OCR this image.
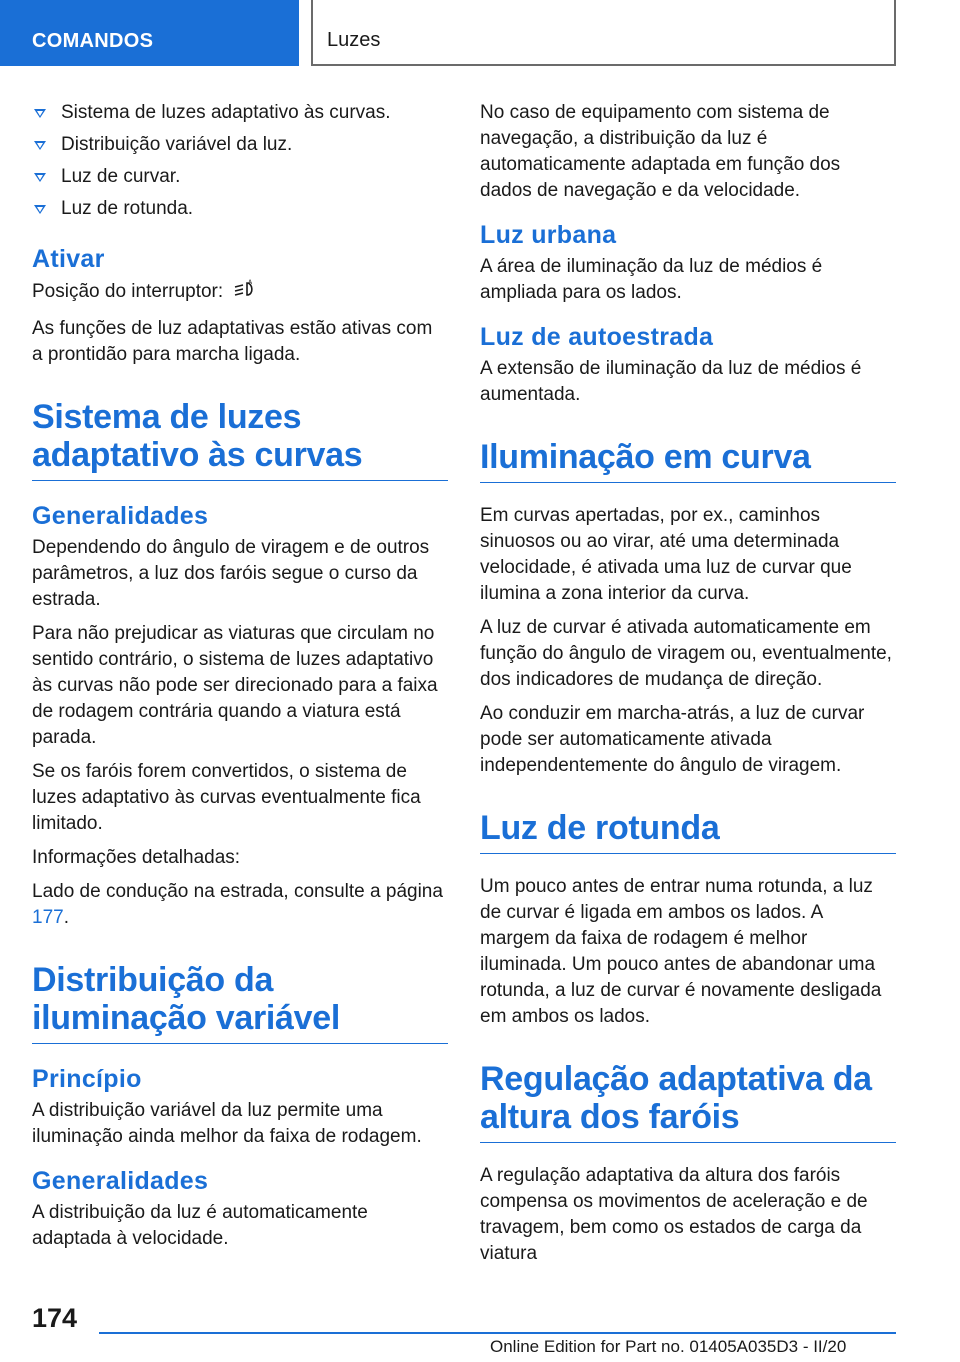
COMANDOS	Luzes
Sistema de luzes adaptativo às curvas.
Distribuição variável da luz.
Luz de curvar.
Luz de rotunda.
Ativar

Posição do interruptor:	A

As funções de luz adaptativas estão ativas com a prontidão para marcha ligada.

Sistema de luzes adaptativo às curvas
Generalidades

Dependendo do ângulo de viragem e de outros parâmetros, a luz dos faróis segue o curso da estrada.

Para não prejudicar as viaturas que circulam no sentido contrário, o sistema de luzes adaptativo às curvas não pode ser direcionado para a faixa de rodagem contrária quando a viatura está parada.

Se os faróis forem convertidos, o sistema de luzes adaptativo às curvas eventualmente fica limitado.

Informações detalhadas:

Lado de condução na estrada, consulte a página 177.

Distribuição da iluminação variável
Princípio

A distribuição variável da luz permite uma iluminação ainda melhor da faixa de rodagem.

Generalidades

A distribuição da luz é automaticamente adaptada à velocidade.

No caso de equipamento com sistema de navegação, a distribuição da luz é automaticamente adaptada em função dos dados de navegação e da velocidade.

Luz urbana

A área de iluminação da luz de médios é ampliada para os lados.

Luz de autoestrada

A extensão de iluminação da luz de médios é aumentada.

Iluminação em curva

Em curvas apertadas, por ex., caminhos sinuosos ou ao virar, até uma determinada velocidade, é ativada uma luz de curvar que ilumina a zona interior da curva.

A luz de curvar é ativada automaticamente em função do ângulo de viragem ou, eventualmente, dos indicadores de mudança de direção.

Ao conduzir em marcha-atrás, a luz de curvar pode ser automaticamente ativada independentemente do ângulo de viragem.

Luz de rotunda

Um pouco antes de entrar numa rotunda, a luz de curvar é ligada em ambos os lados. A margem da faixa de rodagem é melhor iluminada. Um pouco antes de abandonar uma rotunda, a luz de curvar é novamente desligada em ambos os lados.

Regulação adaptativa da altura dos faróis

A regulação adaptativa da altura dos faróis compensa os movimentos de aceleração e de travagem, bem como os estados de carga da viatura

174
Online Edition for Part no. 01405A035D3 - II/20
